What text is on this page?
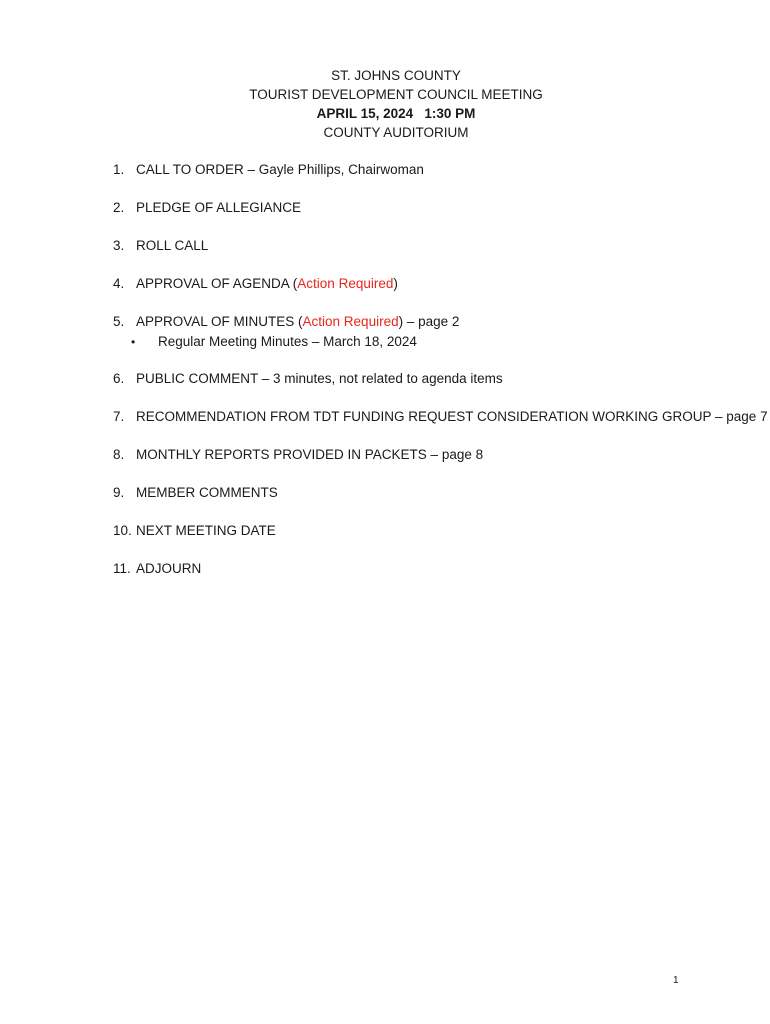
ST. JOHNS COUNTY
TOURIST DEVELOPMENT COUNCIL MEETING
APRIL 15, 2024   1:30 PM
COUNTY AUDITORIUM
1. CALL TO ORDER – Gayle Phillips, Chairwoman
2. PLEDGE OF ALLEGIANCE
3. ROLL CALL
4. APPROVAL OF AGENDA (Action Required)
5. APPROVAL OF MINUTES (Action Required) – page 2
• Regular Meeting Minutes – March 18, 2024
6. PUBLIC COMMENT – 3 minutes, not related to agenda items
7. RECOMMENDATION FROM TDT FUNDING REQUEST CONSIDERATION WORKING GROUP – page 7
8. MONTHLY REPORTS PROVIDED IN PACKETS – page 8
9. MEMBER COMMENTS
10. NEXT MEETING DATE
11. ADJOURN
1
